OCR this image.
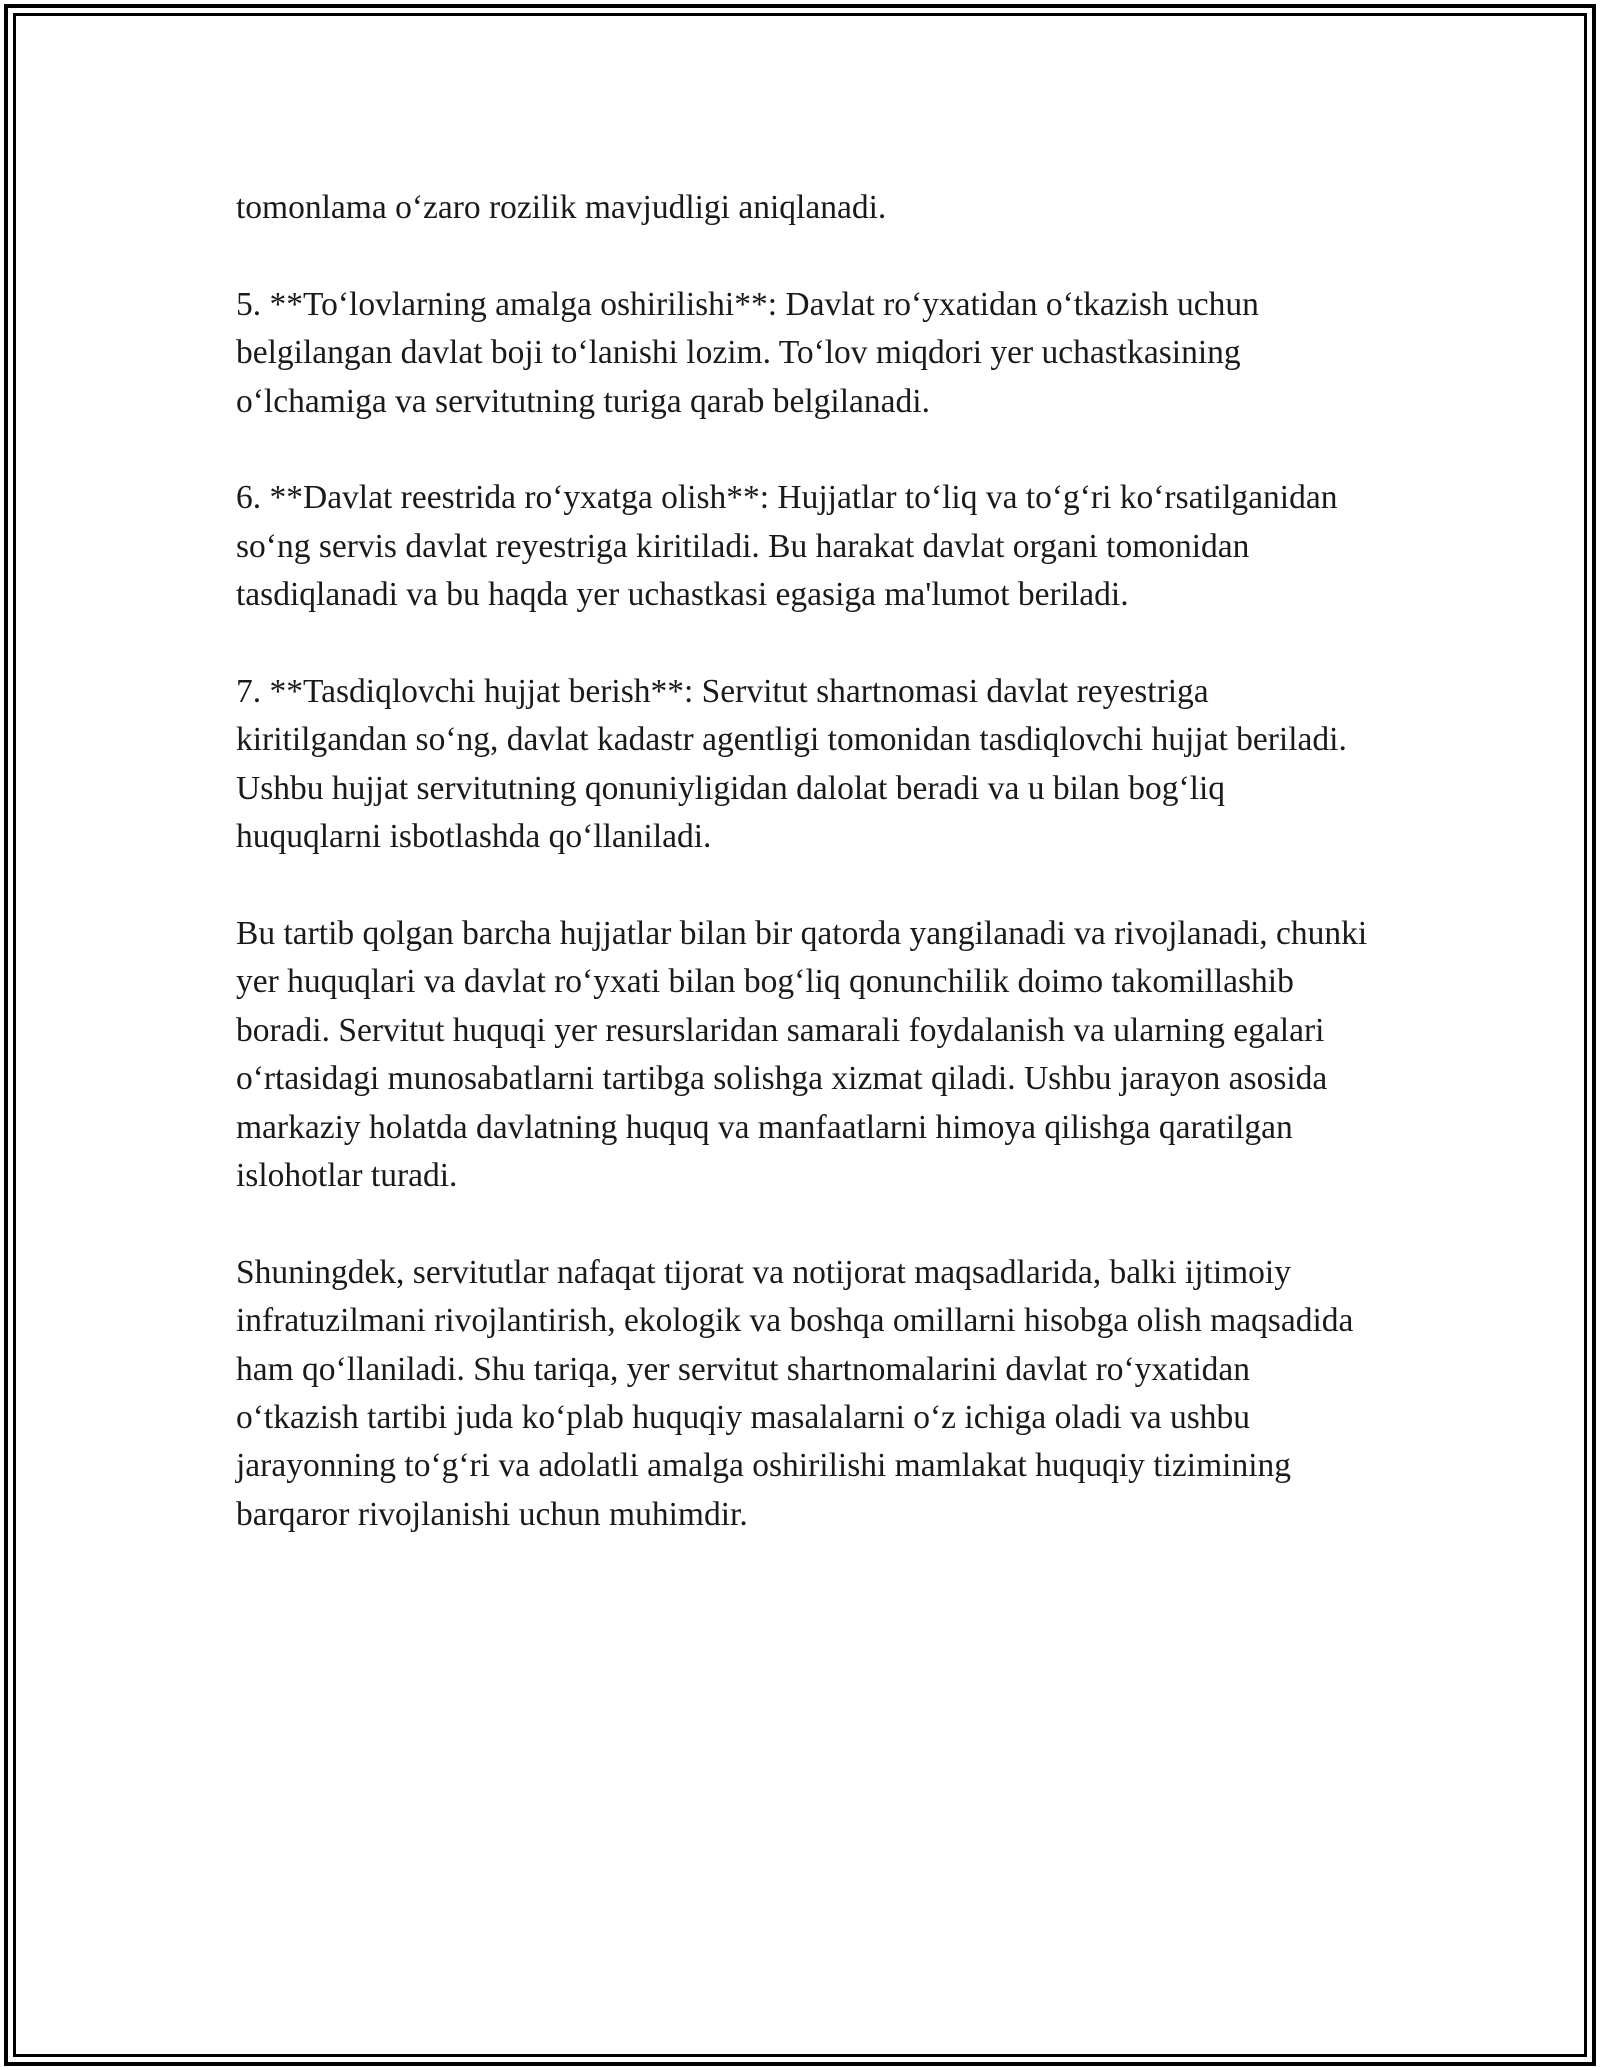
tomonlama o‘zaro rozilik mavjudligi aniqlanadi.

5. **To‘lovlarning amalga oshirilishi**: Davlat ro‘yxatidan o‘tkazish uchun belgilangan davlat boji to‘lanishi lozim. To‘lov miqdori yer uchastkasining o‘lchamiga va servitutning turiga qarab belgilanadi.

6. **Davlat reestrida ro‘yxatga olish**: Hujjatlar to‘liq va to‘g‘ri ko‘rsatilganidan so‘ng servis davlat reyestriga kiritiladi. Bu harakat davlat organi tomonidan tasdiqlanadi va bu haqda yer uchastkasi egasiga ma'lumot beriladi.

7. **Tasdiqlovchi hujjat berish**: Servitut shartnomasi davlat reyestriga kiritilgandan so‘ng, davlat kadastr agentligi tomonidan tasdiqlovchi hujjat beriladi. Ushbu hujjat servitutning qonuniyligidan dalolat beradi va u bilan bog‘liq huquqlarni isbotlashda qo‘llaniladi.

Bu tartib qolgan barcha hujjatlar bilan bir qatorda yangilanadi va rivojlanadi, chunki yer huquqlari va davlat ro‘yxati bilan bog‘liq qonunchilik doimo takomillashib boradi. Servitut huquqi yer resurslaridan samarali foydalanish va ularning egalari o‘rtasidagi munosabatlarni tartibga solishga xizmat qiladi. Ushbu jarayon asosida markaziy holatda davlatning huquq va manfaatlarni himoya qilishga qaratilgan islohotlar turadi.

Shuningdek, servitutlar nafaqat tijorat va notijorat maqsadlarida, balki ijtimoiy infratuzilmani rivojlantirish, ekologik va boshqa omillarni hisobga olish maqsadida ham qo‘llaniladi. Shu tariqa, yer servitut shartnomalarini davlat ro‘yxatidan o‘tkazish tartibi juda ko‘plab huquqiy masalalarni o‘z ichiga oladi va ushbu jarayonning to‘g‘ri va adolatli amalga oshirilishi mamlakat huquqiy tizimining barqaror rivojlanishi uchun muhimdir.
